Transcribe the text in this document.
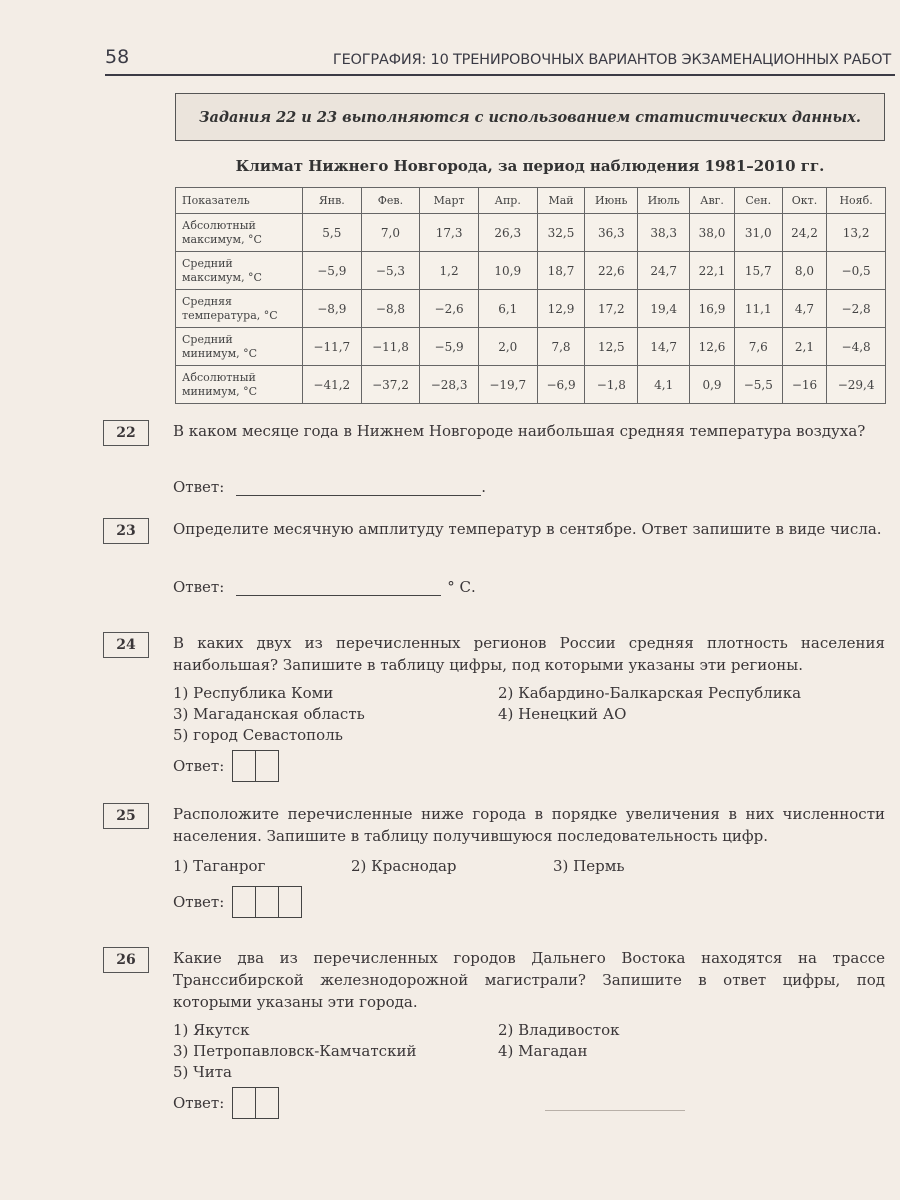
58	ГЕОГРАФИЯ: 10 ТРЕНИРОВОЧНЫХ ВАРИАНТОВ ЭКЗАМЕНАЦИОННЫХ РАБОТ
Задания 22 и 23 выполняются с использованием статистических данных.
Климат Нижнего Новгорода, за период наблюдения 1981–2010 гг.
Показатель	Янв.	Фев.	Март	Апр.	Май	Июнь	Июль	Авг.	Сен.	Окт.	Нояб.
Абсолютный
максимум, °С	5,5	7,0	17,3	26,3	32,5	36,3	38,3	38,0	31,0	24,2	13,2
Средний
максимум, °С	−5,9	−5,3	1,2	10,9	18,7	22,6	24,7	22,1	15,7	8,0	−0,5
Средняя
температура, °С	−8,9	−8,8	−2,6	6,1	12,9	17,2	19,4	16,9	11,1	4,7	−2,8
Средний
минимум, °С	−11,7	−11,8	−5,9	2,0	7,8	12,5	14,7	12,6	7,6	2,1	−4,8
Абсолютный
минимум, °С	−41,2	−37,2	−28,3	−19,7	−6,9	−1,8	4,1	0,9	−5,5	−16	−29,4
22	В каком месяце года в Нижнем Новгороде наибольшая средняя температура воздуха?
Ответ:	.
23	Определите месячную амплитуду температур в сентябре. Ответ запишите в виде числа.
Ответ:	° С.
24	В каких двух из перечисленных регионов России средняя плотность населения наибольшая? Запишите в таблицу цифры, под которыми указаны эти регионы.
1) Республика Коми	2) Кабардино-Балкарская Республика
3) Магаданская область	4) Ненецкий АО
5) город Севастополь
Ответ:
25	Расположите перечисленные ниже города в порядке увеличения в них численности населения. Запишите в таблицу получившуюся последовательность цифр.
1) Таганрог	2) Краснодар	3) Пермь
Ответ:
26	Какие два из перечисленных городов Дальнего Востока находятся на трассе Транссибирской железнодорожной магистрали? Запишите в ответ цифры, под которыми указаны эти города.
1) Якутск	2) Владивосток
3) Петропавловск-Камчатский	4) Магадан
5) Чита
Ответ:
